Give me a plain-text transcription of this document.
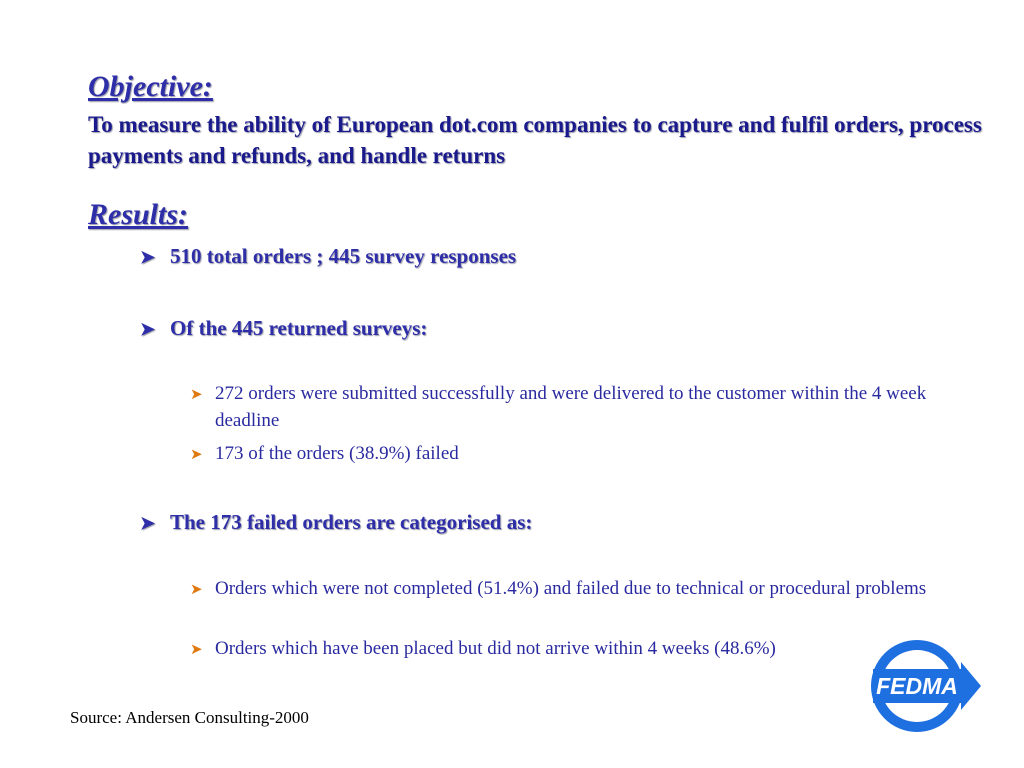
Objective:

To measure the ability of European dot.com companies to capture and fulfil orders, process payments and refunds, and handle returns

Results:
➤ 510 total orders ; 445 survey responses
➤ Of the 445 returned surveys:
➤ 272 orders were submitted successfully and were delivered to the customer within the 4 week deadline
➤ 173 of the orders (38.9%) failed
➤ The 173 failed orders are categorised as:
➤ Orders which were not completed (51.4%) and failed due to technical or procedural problems
➤ Orders which have been placed but did not arrive within 4 weeks (48.6%)
Source: Andersen Consulting-2000
FEDMA
